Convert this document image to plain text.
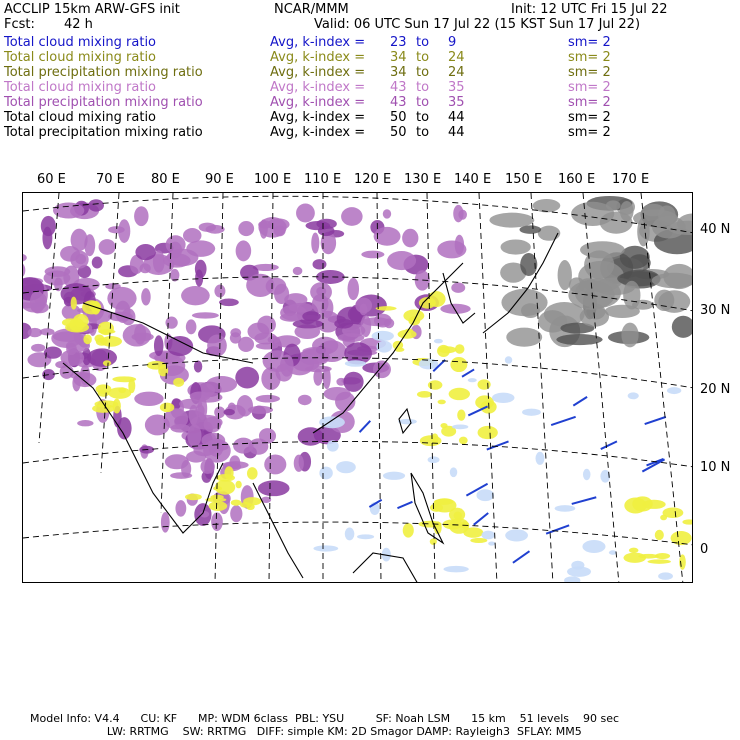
ACCLIP 15km ARW-GFS init	NCAR/MMM	Init: 12 UTC Fri 15 Jul 22
Fcst: 42 h	Valid: 06 UTC Sun 17 Jul 22 (15 KST Sun 17 Jul 22)
Total cloud mixing ratio	Avg, k-index = 23 to 9	sm= 2
Total cloud mixing ratio	Avg, k-index = 34 to 24	sm= 2
Total precipitation mixing ratio	Avg, k-index = 34 to 24	sm= 2
Total cloud mixing ratio	Avg, k-index = 43 to 35	sm= 2
Total precipitation mixing ratio	Avg, k-index = 43 to 35	sm= 2
Total cloud mixing ratio	Avg, k-index = 50 to 44	sm= 2
Total precipitation mixing ratio	Avg, k-index = 50 to 44	sm= 2
60 E 70 E 80 E 90 E 100 E 110 E 120 E 130 E 140 E 150 E 160 E 170 E
40 N
30 N
20 N
10 N
0
Model Info: V4.4      CU: KF      MP: WDM 6class  PBL: YSU         SF: Noah LSM      15 km    51 levels    90 sec
LW: RRTMG    SW: RRTMG   DIFF: simple KM: 2D Smagor DAMP: Rayleigh3  SFLAY: MM5
